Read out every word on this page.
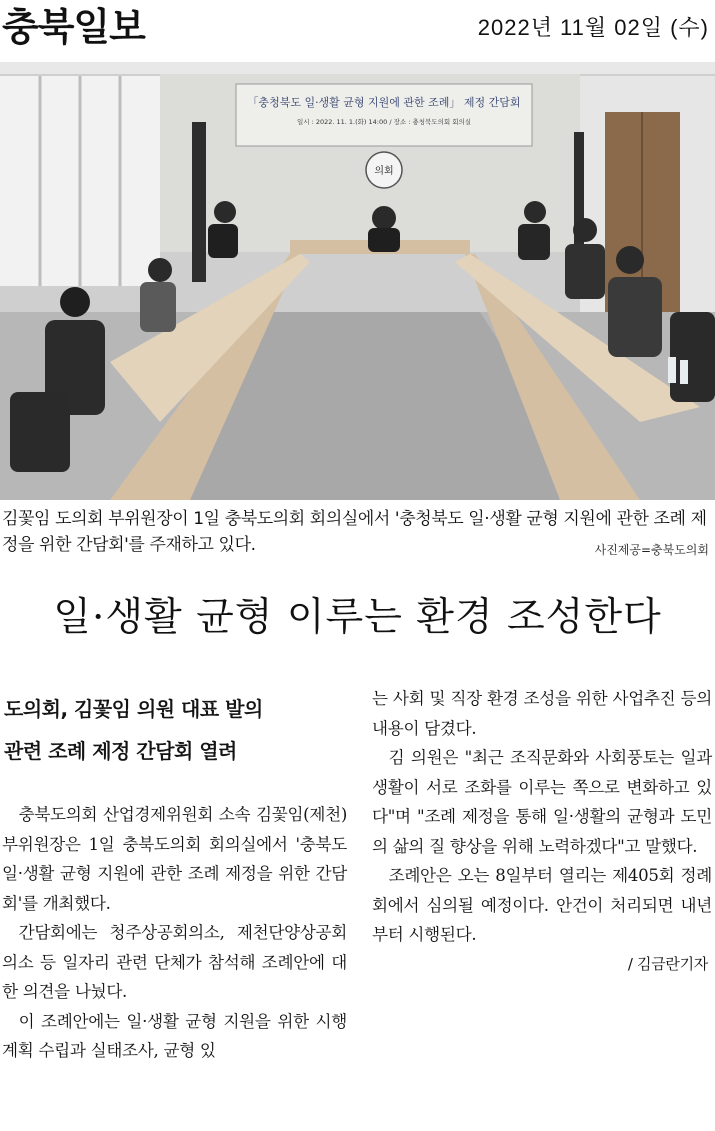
충북일보	2022년 11월 02일 (수)
「충청북도 일·생활 균형 지원에 관한 조례」 제정 간담회
일시 : 2022. 11. 1.(화) 14:00 / 장소 : 충청북도의회 회의실
의회
김꽃임 도의회 부위원장이 1일 충북도의회 회의실에서 '충청북도 일·생활 균형 지원에 관한 조례 제정을 위한 간담회'를 주재하고 있다.	사진제공=충북도의회
일·생활 균형 이루는 환경 조성한다
도의회, 김꽃임 의원 대표 발의
관련 조례 제정 간담회 열려

충북도의회 산업경제위원회 소속 김꽃임(제천) 부위원장은 1일 충북도의회 회의실에서 '충북도 일·생활 균형 지원에 관한 조례 제정을 위한 간담회'를 개최했다.

간담회에는 청주상공회의소, 제천단양상공회의소 등 일자리 관련 단체가 참석해 조례안에 대한 의견을 나눴다.

이 조례안에는 일·생활 균형 지원을 위한 시행계획 수립과 실태조사, 균형 있

는 사회 및 직장 환경 조성을 위한 사업추진 등의 내용이 담겼다.

김 의원은 "최근 조직문화와 사회풍토는 일과 생활이 서로 조화를 이루는 쪽으로 변화하고 있다"며 "조례 제정을 통해 일·생활의 균형과 도민의 삶의 질 향상을 위해 노력하겠다"고 말했다.

조례안은 오는 8일부터 열리는 제405회 정례회에서 심의될 예정이다. 안건이 처리되면 내년부터 시행된다.

/ 김금란기자
